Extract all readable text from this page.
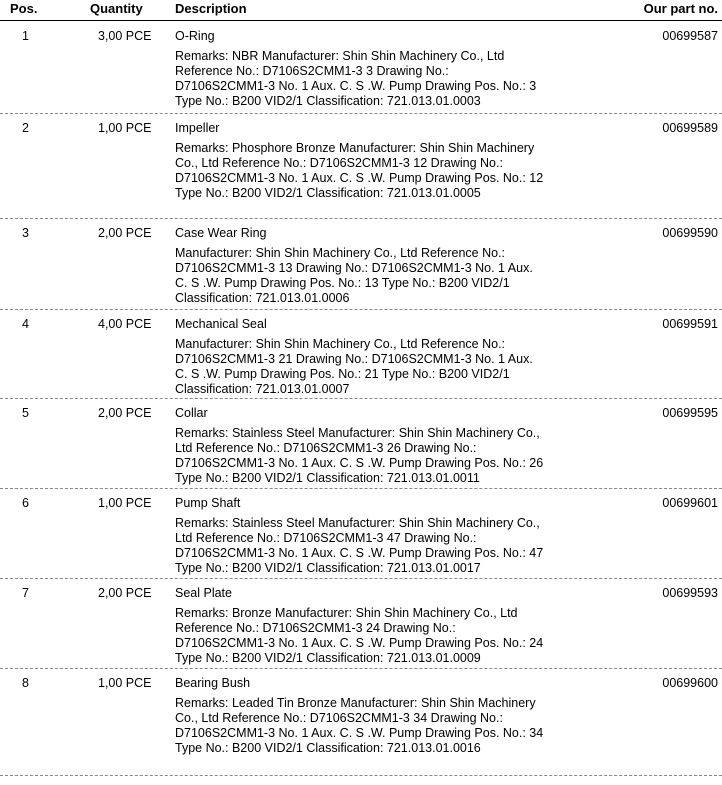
Pos.	Quantity Description	Our part no.
1	3,00 PCE O-Ring
Remarks: NBR Manufacturer: Shin Shin Machinery Co., Ltd Reference No.: D7106S2CMM1-3 3 Drawing No.: D7106S2CMM1-3 No. 1 Aux. C. S .W. Pump Drawing Pos. No.: 3 Type No.: B200 VID2/1 Classification: 721.013.01.0003
00699587
2	1,00 PCE Impeller
Remarks: Phosphore Bronze Manufacturer: Shin Shin Machinery Co., Ltd Reference No.: D7106S2CMM1-3 12 Drawing No.: D7106S2CMM1-3 No. 1 Aux. C. S .W. Pump Drawing Pos. No.: 12 Type No.: B200 VID2/1 Classification: 721.013.01.0005
00699589
3	2,00 PCE Case Wear Ring
Manufacturer: Shin Shin Machinery Co., Ltd Reference No.: D7106S2CMM1-3 13 Drawing No.: D7106S2CMM1-3 No. 1 Aux. C. S .W. Pump Drawing Pos. No.: 13 Type No.: B200 VID2/1 Classification: 721.013.01.0006
00699590
4	4,00 PCE Mechanical Seal
Manufacturer: Shin Shin Machinery Co., Ltd Reference No.: D7106S2CMM1-3 21 Drawing No.: D7106S2CMM1-3 No. 1 Aux. C. S .W. Pump Drawing Pos. No.: 21 Type No.: B200 VID2/1 Classification: 721.013.01.0007
00699591
5	2,00 PCE Collar
Remarks: Stainless Steel Manufacturer: Shin Shin Machinery Co., Ltd Reference No.: D7106S2CMM1-3 26 Drawing No.: D7106S2CMM1-3 No. 1 Aux. C. S .W. Pump Drawing Pos. No.: 26 Type No.: B200 VID2/1 Classification: 721.013.01.0011
00699595
6	1,00 PCE Pump Shaft
Remarks: Stainless Steel Manufacturer: Shin Shin Machinery Co., Ltd Reference No.: D7106S2CMM1-3 47 Drawing No.: D7106S2CMM1-3 No. 1 Aux. C. S .W. Pump Drawing Pos. No.: 47 Type No.: B200 VID2/1 Classification: 721.013.01.0017
00699601
7	2,00 PCE Seal Plate
Remarks: Bronze Manufacturer: Shin Shin Machinery Co., Ltd Reference No.: D7106S2CMM1-3 24 Drawing No.: D7106S2CMM1-3 No. 1 Aux. C. S .W. Pump Drawing Pos. No.: 24 Type No.: B200 VID2/1 Classification: 721.013.01.0009
00699593
8	1,00 PCE Bearing Bush
Remarks: Leaded Tin Bronze Manufacturer: Shin Shin Machinery Co., Ltd Reference No.: D7106S2CMM1-3 34 Drawing No.: D7106S2CMM1-3 No. 1 Aux. C. S .W. Pump Drawing Pos. No.: 34 Type No.: B200 VID2/1 Classification: 721.013.01.0016
00699600
